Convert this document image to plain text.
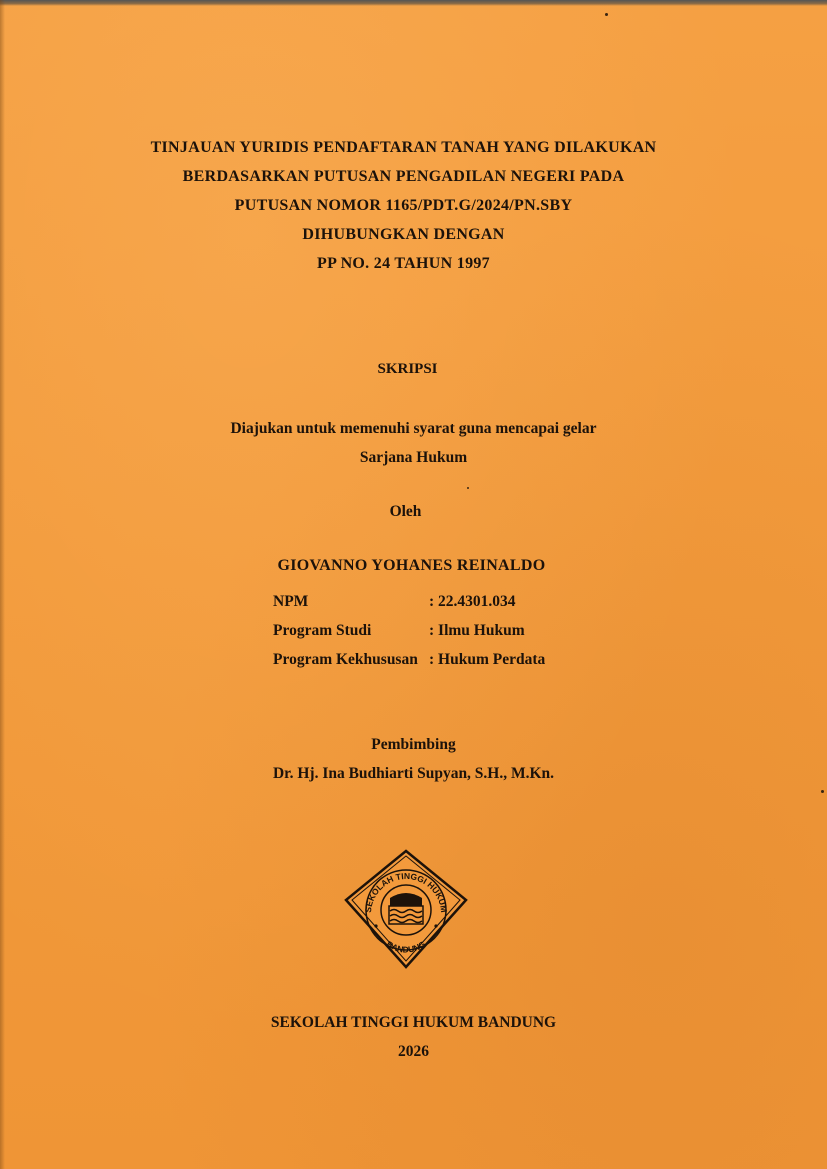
TINJAUAN YURIDIS PENDAFTARAN TANAH YANG DILAKUKAN
BERDASARKAN PUTUSAN PENGADILAN NEGERI PADA
PUTUSAN NOMOR 1165/PDT.G/2024/PN.SBY
DIHUBUNGKAN DENGAN
PP NO. 24 TAHUN 1997
SKRIPSI
Diajukan untuk memenuhi syarat guna mencapai gelar
Sarjana Hukum
Oleh
GIOVANNO YOHANES REINALDO
NPM	: 22.4301.034
Program Studi	: Ilmu Hukum
Program Kekhususan	: Hukum Perdata
Pembimbing
Dr. Hj. Ina Budhiarti Supyan, S.H., M.Kn.
SEKOLAH TINGGI HUKUM
BANDUNG
SEKOLAH TINGGI HUKUM BANDUNG
2026
